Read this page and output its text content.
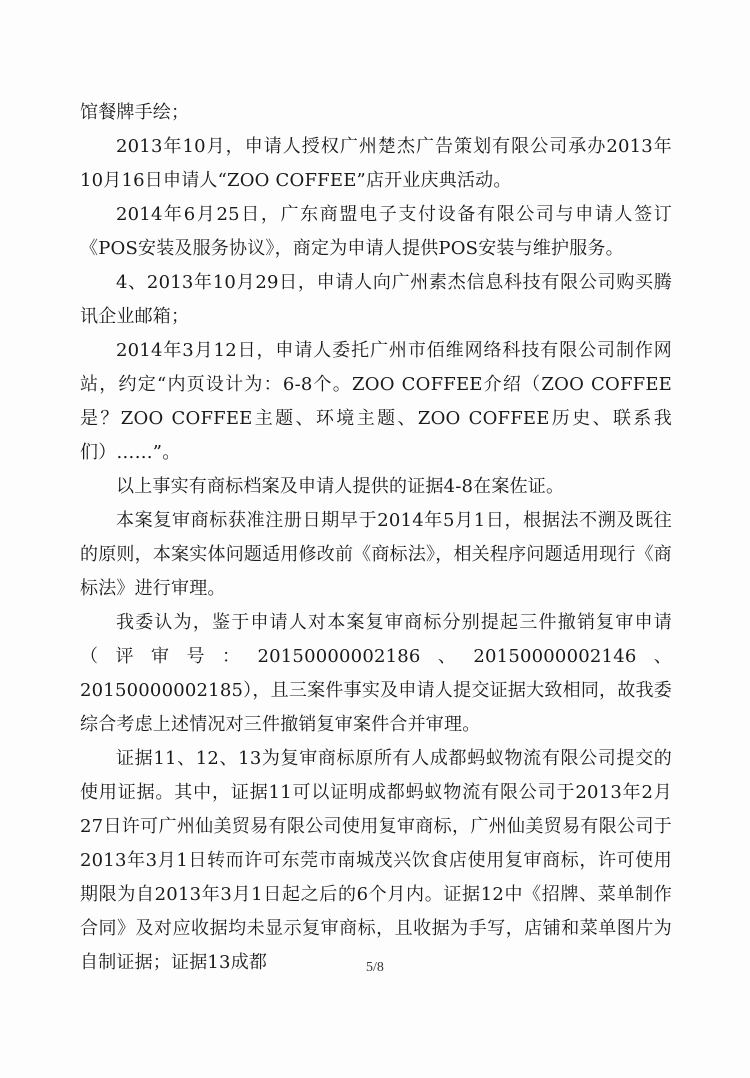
馆餐牌手绘；

2013年10月，申请人授权广州楚杰广告策划有限公司承办2013年10月16日申请人“ZOO COFFEE”店开业庆典活动。

2014年6月25日，广东商盟电子支付设备有限公司与申请人签订《POS安装及服务协议》，商定为申请人提供POS安装与维护服务。

4、2013年10月29日，申请人向广州素杰信息科技有限公司购买腾讯企业邮箱；

2014年3月12日，申请人委托广州市佰维网络科技有限公司制作网站，约定“内页设计为：6-8个。ZOO COFFEE介绍（ZOO COFFEE是？ZOO COFFEE主题、环境主题、ZOO COFFEE历史、联系我们）……”。

以上事实有商标档案及申请人提供的证据4-8在案佐证。

本案复审商标获准注册日期早于2014年5月1日，根据法不溯及既往的原则，本案实体问题适用修改前《商标法》，相关程序问题适用现行《商标法》进行审理。

我委认为，鉴于申请人对本案复审商标分别提起三件撤销复审申请（评审号：20150000002186、20150000002146、20150000002185），且三案件事实及申请人提交证据大致相同，故我委综合考虑上述情况对三件撤销复审案件合并审理。

证据11、12、13为复审商标原所有人成都蚂蚁物流有限公司提交的使用证据。其中，证据11可以证明成都蚂蚁物流有限公司于2013年2月27日许可广州仙美贸易有限公司使用复审商标，广州仙美贸易有限公司于2013年3月1日转而许可东莞市南城茂兴饮食店使用复审商标，许可使用期限为自2013年3月1日起之后的6个月内。证据12中《招牌、菜单制作合同》及对应收据均未显示复审商标，且收据为手写，店铺和菜单图片为自制证据；证据13成都	5/8
